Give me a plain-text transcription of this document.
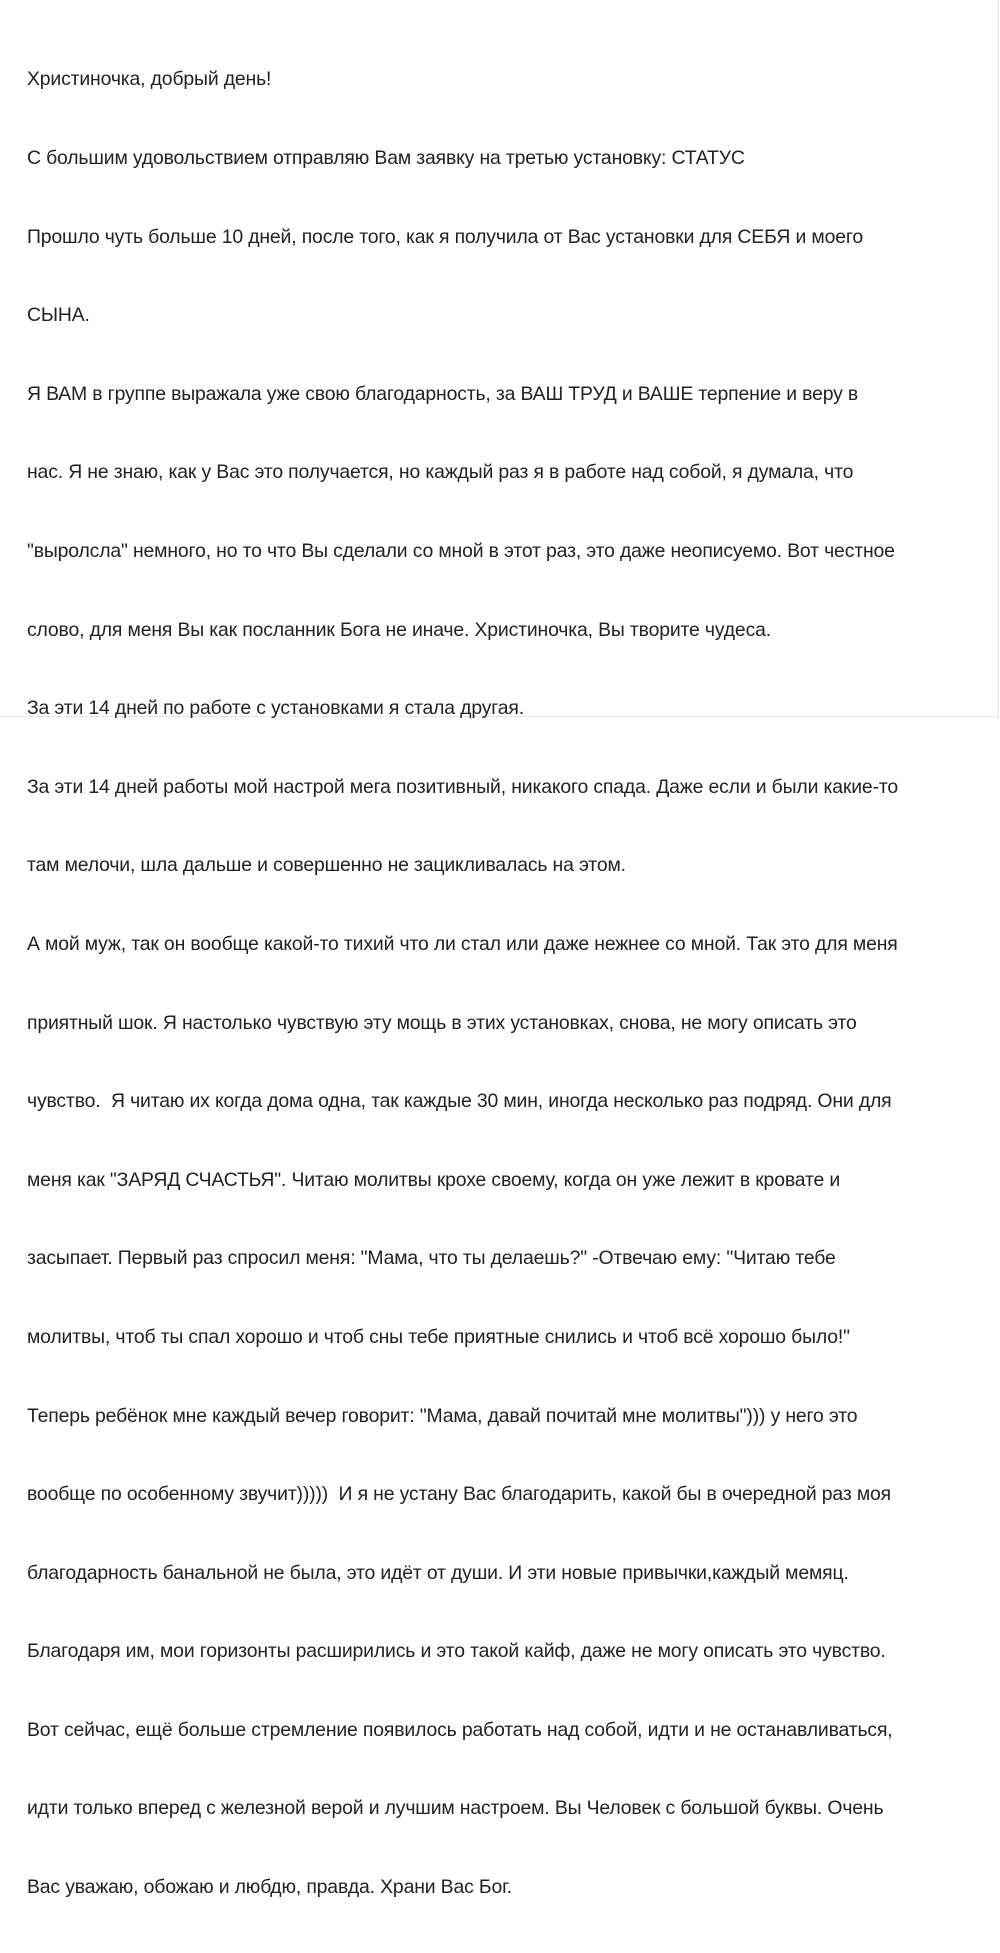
Христиночка, добрый день!

С большим удовольствием отправляю Вам заявку на третью установку: СТАТУС

Прошло чуть больше 10 дней, после того, как я получила от Вас установки для СЕБЯ и моего

СЫНА.

Я ВАМ в группе выражала уже свою благодарность, за ВАШ ТРУД и ВАШЕ терпение и веру в

нас. Я не знаю, как у Вас это получается, но каждый раз я в работе над собой, я думала, что

"выролсла" немного, но то что Вы сделали со мной в этот раз, это даже неописуемо. Вот честное

слово, для меня Вы как посланник Бога не иначе. Христиночка, Вы творите чудеса.

За эти 14 дней по работе с установками я стала другая.

За эти 14 дней работы мой настрой мега позитивный, никакого спада. Даже если и были какие-то

там мелочи, шла дальше и совершенно не зацикливалась на этом.

А мой муж, так он вообще какой-то тихий что ли стал или даже нежнее со мной. Так это для меня

приятный шок. Я настолько чувствую эту мощь в этих установках, снова, не могу описать это

чувство.  Я читаю их когда дома одна, так каждые 30 мин, иногда несколько раз подряд. Они для

меня как "ЗАРЯД СЧАСТЬЯ". Читаю молитвы крохе своему, когда он уже лежит в кровате и

засыпает. Первый раз спросил меня: "Мама, что ты делаешь?" -Отвечаю ему: "Читаю тебе

молитвы, чтоб ты спал хорошо и чтоб сны тебе приятные снились и чтоб всё хорошо было!"

Теперь ребёнок мне каждый вечер говорит: "Мама, давай почитай мне молитвы"))) у него это

вообще по особенному звучит)))))  И я не устану Вас благодарить, какой бы в очередной раз моя

благодарность банальной не была, это идёт от души. И эти новые привычки,каждый мемяц.

Благодаря им, мои горизонты расширились и это такой кайф, даже не могу описать это чувство.

Вот сейчас, ещё больше стремление появилось работать над собой, идти и не останавливаться,

идти только вперед с железной верой и лучшим настроем. Вы Человек с большой буквы. Очень

Вас уважаю, обожаю и любдю, правда. Храни Вас Бог.
